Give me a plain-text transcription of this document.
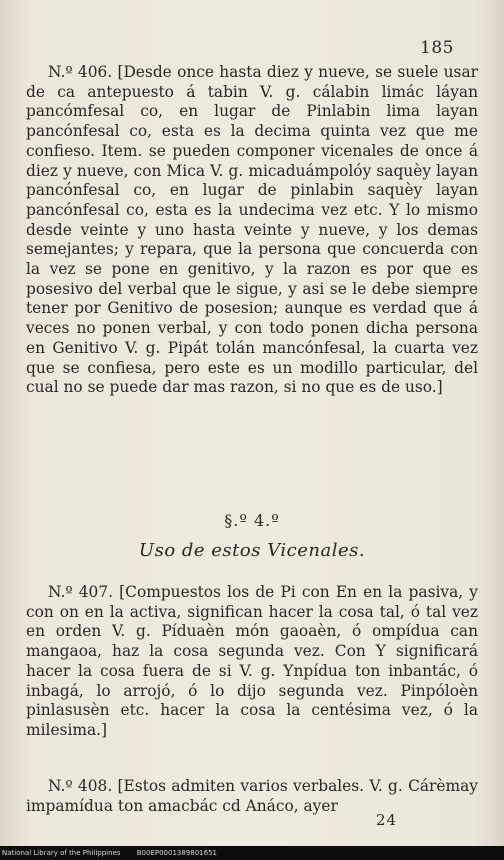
185

N.º 406. [Desde once hasta diez y nueve, se suele usar de ca antepuesto á tabin V. g. cálabin limác láyan pancómfesal co, en lugar de Pinlabin lima layan pancónfesal co, esta es la decima quinta vez que me confieso. Item. se pueden componer vicenales de once á diez y nueve, con Mica V. g. micaduámpolóy saquèy layan pancónfesal co, en lugar de pinlabin saquèy layan pancónfesal co, esta es la undecima vez etc. Y lo mismo desde veinte y uno hasta veinte y nueve, y los demas semejantes; y repara, que la persona que concuerda con la vez se pone en genitivo, y la razon es por que es posesivo del verbal que le sigue, y asi se le debe siempre tener por Genitivo de posesion; aunque es verdad que á veces no ponen verbal, y con todo ponen dicha persona en Genitivo V. g. Pipát tolán mancónfesal, la cuarta vez que se confiesa, pero este es un modillo particular, del cual no se puede dar mas razon, si no que es de uso.]

§.º 4.º
Uso de estos Vicenales.

N.º 407. [Compuestos los de Pi con En en la pasiva, y con on en la activa, significan hacer la cosa tal, ó tal vez en orden V. g. Píduaèn món gaoaèn, ó ompídua can mangaoa, haz la cosa segunda vez. Con Y significará hacer la cosa fuera de si V. g. Ynpídua ton inbantác, ó inbagá, lo arrojó, ó lo dijo segunda vez. Pinpóloèn pinlasusèn etc. hacer la cosa la centésima vez, ó la milesima.]

N.º 408. [Estos admiten varios verbales. V. g. Cárèmay impamídua ton amacbác cd Anáco, ayer

24
National Library of the Philippines B00EP0001389801651
